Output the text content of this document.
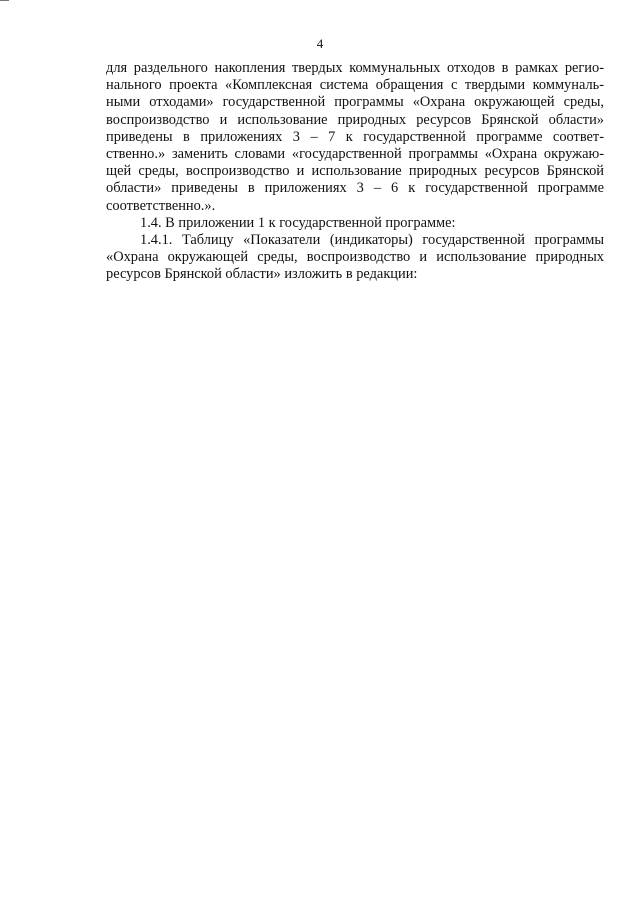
4
для раздельного накопления твердых коммунальных отходов в рамках регио-
нального проекта «Комплексная система обращения с твердыми коммуналь-
ными отходами» государственной программы «Охрана окружающей среды,
воспроизводство и использование природных ресурсов Брянской области»
приведены в приложениях 3 – 7 к государственной программе соответ-
ственно.» заменить словами «государственной программы «Охрана окружаю-
щей среды, воспроизводство и использование природных ресурсов Брянской
области» приведены в приложениях 3 – 6 к государственной программе
соответственно.».
1.4. В приложении 1 к государственной программе:
1.4.1. Таблицу «Показатели (индикаторы) государственной программы
«Охрана окружающей среды, воспроизводство и использование природных
ресурсов Брянской области» изложить в редакции:
